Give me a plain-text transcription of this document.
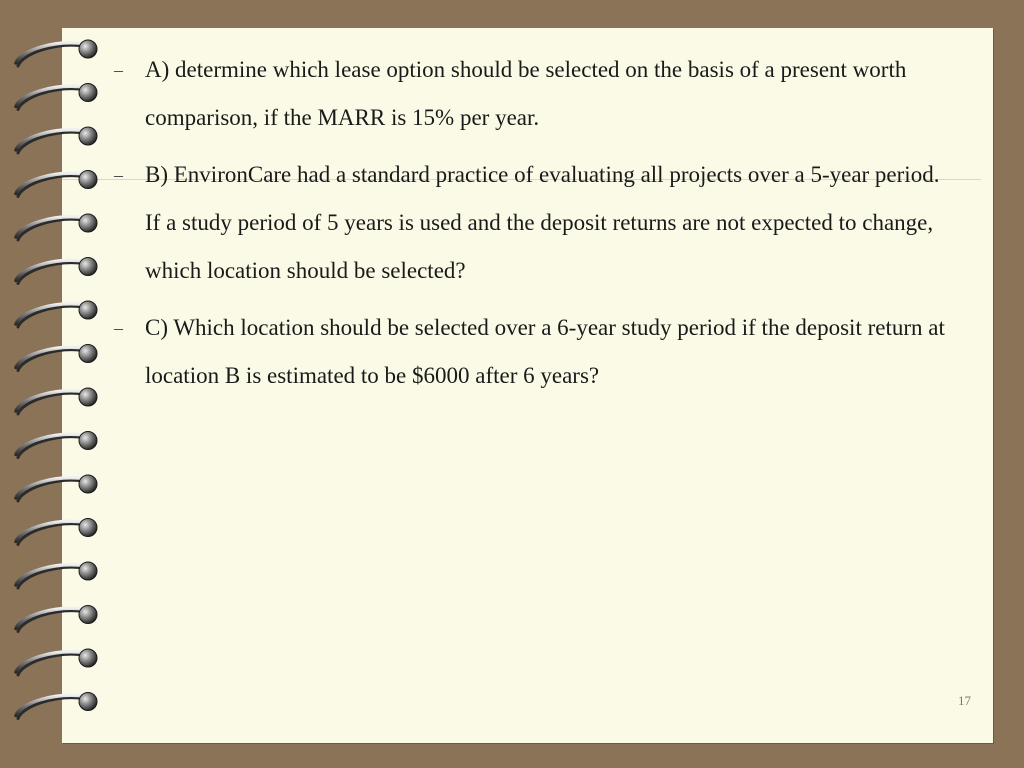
– A) determine which lease option should be selected on the basis of a present worth comparison, if the MARR is 15% per year.
– B) EnvironCare had a standard practice of evaluating all projects over a 5-year period. If a study period of 5 years is used and the deposit returns are not expected to change, which location should be selected?
– C) Which location should be selected over a 6-year study period if the deposit return at location B is estimated to be $6000 after 6 years?
17
